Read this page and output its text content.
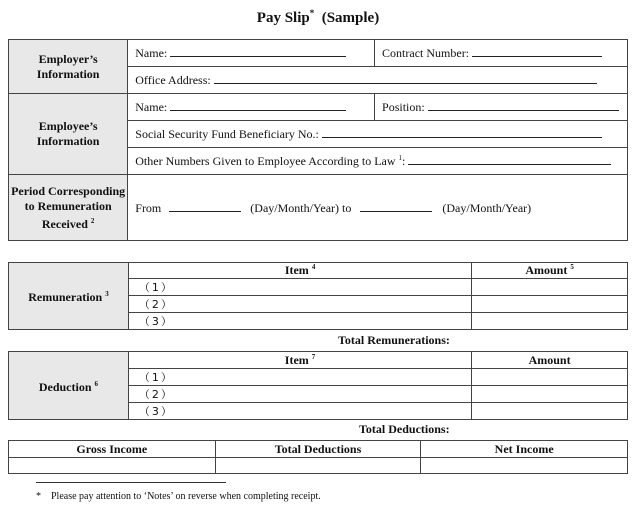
Pay Slip* (Sample)
Employer’s Information	Name:	Contract Number:
	Office Address:	
Employee’s Information	Name:	Position:
	Social Security Fund Beneficiary No.:	
	Other Numbers Given to Employee According to Law $^1$:	
Period Corresponding to Remuneration Received $^2$	From (Day/Month/Year) to (Day/Month/Year)	
Remuneration $^3$	Item $^4$	Amount $^5$
	（1）	
	（2）	
	（3）	
Total Remunerations:
Deduction $^6$	Item $^7$	Amount
	（1）	
	（2）	
	（3）	
Total Deductions:
Gross Income	Total Deductions	Net Income

* Please pay attention to ‘Notes’ on reverse when completing receipt.
